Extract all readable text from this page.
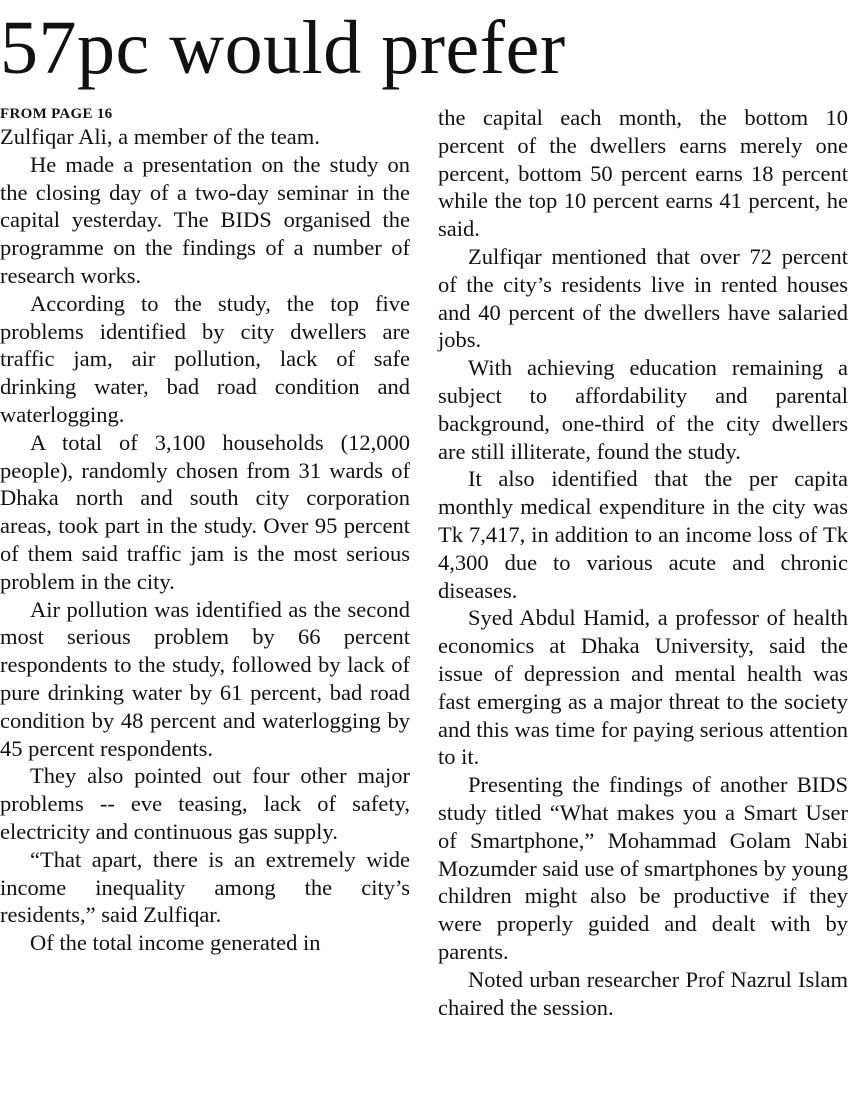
57pc would prefer
FROM PAGE 16

Zulfiqar Ali, a member of the team.

He made a presentation on the study on the closing day of a two-day seminar in the capital yesterday. The BIDS organised the programme on the findings of a number of research works.

According to the study, the top five problems identified by city dwellers are traffic jam, air pollution, lack of safe drinking water, bad road condition and waterlogging.

A total of 3,100 households (12,000 people), randomly chosen from 31 wards of Dhaka north and south city corporation areas, took part in the study. Over 95 percent of them said traffic jam is the most serious problem in the city.

Air pollution was identified as the second most serious problem by 66 percent respondents to the study, followed by lack of pure drinking water by 61 percent, bad road condition by 48 percent and waterlogging by 45 percent respondents.

They also pointed out four other major problems -- eve teasing, lack of safety, electricity and continuous gas supply.

“That apart, there is an extremely wide income inequality among the city’s residents,” said Zulfiqar.

Of the total income generated in

the capital each month, the bottom 10 percent of the dwellers earns merely one percent, bottom 50 percent earns 18 percent while the top 10 percent earns 41 percent, he said.

Zulfiqar mentioned that over 72 percent of the city’s residents live in rented houses and 40 percent of the dwellers have salaried jobs.

With achieving education remaining a subject to affordability and parental background, one-third of the city dwellers are still illiterate, found the study.

It also identified that the per capita monthly medical expenditure in the city was Tk 7,417, in addition to an income loss of Tk 4,300 due to various acute and chronic diseases.

Syed Abdul Hamid, a professor of health economics at Dhaka University, said the issue of depression and mental health was fast emerging as a major threat to the society and this was time for paying serious attention to it.

Presenting the findings of another BIDS study titled “What makes you a Smart User of Smartphone,” Mohammad Golam Nabi Mozumder said use of smartphones by young children might also be productive if they were properly guided and dealt with by parents.

Noted urban researcher Prof Nazrul Islam chaired the session.
